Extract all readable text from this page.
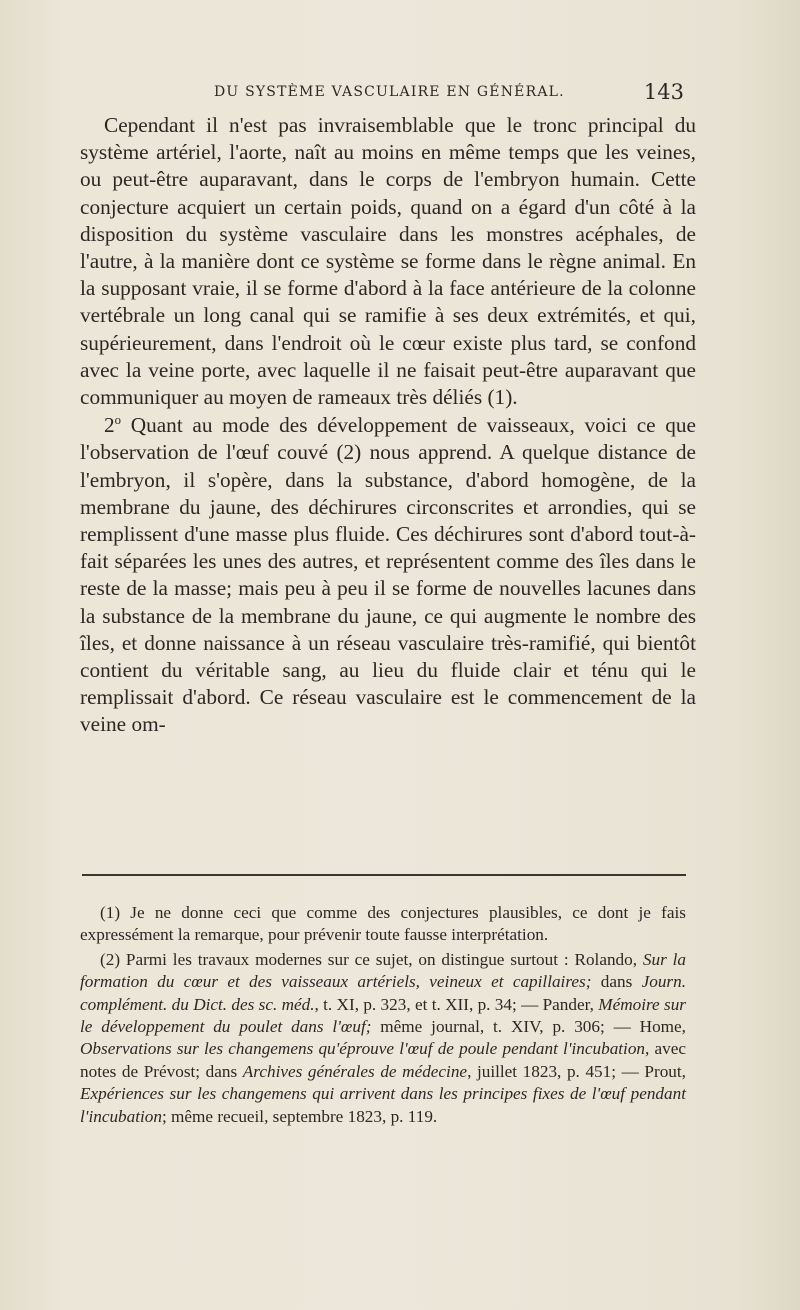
DU SYSTÈME VASCULAIRE EN GÉNÉRAL.	143

Cependant il n'est pas invraisemblable que le tronc principal du système artériel, l'aorte, naît au moins en même temps que les veines, ou peut-être auparavant, dans le corps de l'embryon humain. Cette conjecture acquiert un certain poids, quand on a égard d'un côté à la disposition du système vasculaire dans les monstres acéphales, de l'autre, à la manière dont ce système se forme dans le règne animal. En la supposant vraie, il se forme d'abord à la face antérieure de la colonne vertébrale un long canal qui se ramifie à ses deux extrémités, et qui, supérieurement, dans l'endroit où le cœur existe plus tard, se confond avec la veine porte, avec laquelle il ne faisait peut-être auparavant que communiquer au moyen de rameaux très déliés (1).

2$^o$ Quant au mode des développement de vaisseaux, voici ce que l'observation de l'œuf couvé (2) nous apprend. A quelque distance de l'embryon, il s'opère, dans la substance, d'abord homogène, de la membrane du jaune, des déchirures circonscrites et arrondies, qui se remplissent d'une masse plus fluide. Ces déchirures sont d'abord tout-à-fait séparées les unes des autres, et représentent comme des îles dans le reste de la masse; mais peu à peu il se forme de nouvelles lacunes dans la substance de la membrane du jaune, ce qui augmente le nombre des îles, et donne naissance à un réseau vasculaire très-ramifié, qui bientôt contient du véritable sang, au lieu du fluide clair et ténu qui le remplissait d'abord. Ce réseau vasculaire est le commencement de la veine om-

(1) Je ne donne ceci que comme des conjectures plausibles, ce dont je fais expressément la remarque, pour prévenir toute fausse interprétation.

(2) Parmi les travaux modernes sur ce sujet, on distingue surtout : Rolando, Sur la formation du cœur et des vaisseaux artériels, veineux et capillaires; dans Journ. complément. du Dict. des sc. méd., t. XI, p. 323, et t. XII, p. 34; — Pander, Mémoire sur le développement du poulet dans l'œuf; même journal, t. XIV, p. 306; — Home, Observations sur les changemens qu'éprouve l'œuf de poule pendant l'incubation, avec notes de Prévost; dans Archives générales de médecine, juillet 1823, p. 451; — Prout, Expériences sur les changemens qui arrivent dans les principes fixes de l'œuf pendant l'incubation; même recueil, septembre 1823, p. 119.
